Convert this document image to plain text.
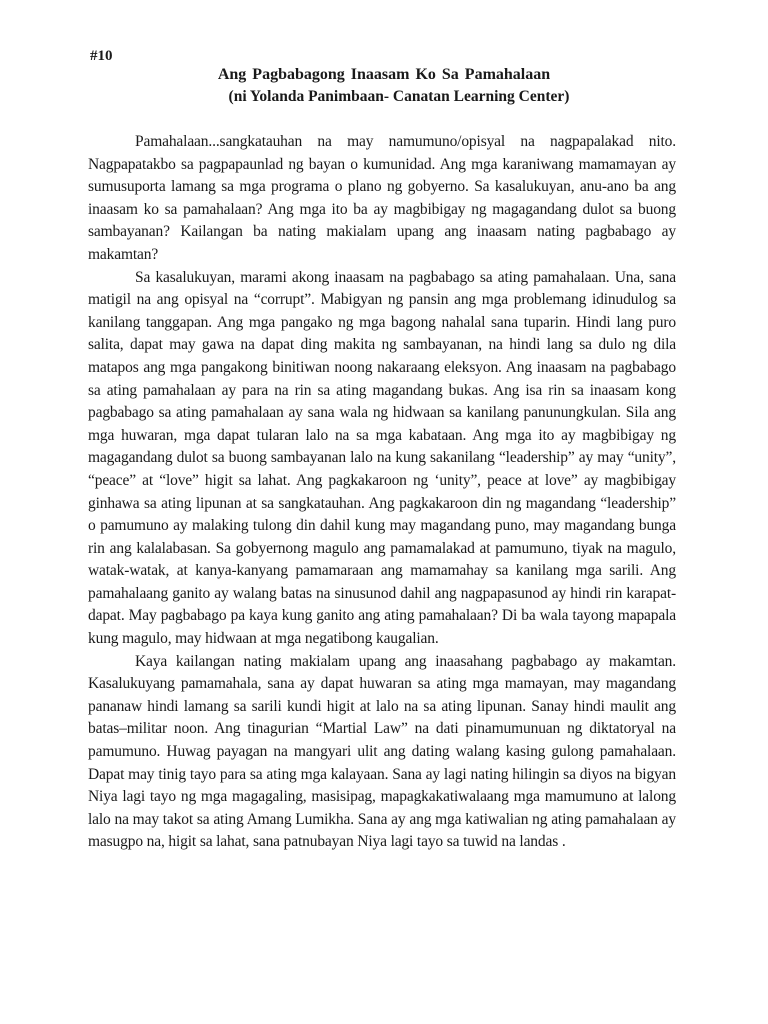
#10

Ang Pagbabagong Inaasam Ko Sa Pamahalaan

(ni Yolanda Panimbaan- Canatan Learning Center)

Pamahalaan...sangkatauhan na may namumuno/opisyal na nagpapalakad nito. Nagpapatakbo sa pagpapaunlad ng bayan o kumunidad. Ang mga karaniwang mamamayan ay sumusuporta lamang sa mga programa o plano ng gobyerno. Sa kasalukuyan, anu-ano ba ang inaasam ko sa pamahalaan? Ang mga ito ba ay magbibigay ng magagandang dulot sa buong sambayanan? Kailangan ba nating makialam upang ang inaasam nating pagbabago ay makamtan?

Sa kasalukuyan, marami akong inaasam na pagbabago sa ating pamahalaan. Una, sana matigil na ang opisyal na “corrupt”. Mabigyan ng pansin ang mga problemang idinudulog sa kanilang tanggapan. Ang mga pangako ng mga bagong nahalal sana tuparin. Hindi lang puro salita, dapat may gawa na dapat ding makita ng sambayanan, na hindi lang sa dulo ng dila matapos ang mga pangakong binitiwan noong nakaraang eleksyon. Ang inaasam na pagbabago sa ating pamahalaan ay para na rin sa ating magandang bukas. Ang isa rin sa inaasam kong pagbabago sa ating pamahalaan ay sana wala ng hidwaan sa kanilang panunungkulan. Sila ang mga huwaran, mga dapat tularan lalo na sa mga kabataan. Ang mga ito ay magbibigay ng magagandang dulot sa buong sambayanan lalo na kung sakanilang “leadership” ay may “unity”, “peace” at “love” higit sa lahat. Ang pagkakaroon ng ‘unity”, peace at love” ay magbibigay ginhawa sa ating lipunan at sa sangkatauhan. Ang pagkakaroon din ng magandang “leadership” o pamumuno ay malaking tulong din dahil kung may magandang puno, may magandang bunga rin ang kalalabasan. Sa gobyernong magulo ang pamamalakad at pamumuno, tiyak na magulo, watak-watak, at kanya-kanyang pamamaraan ang mamamahay sa kanilang mga sarili. Ang pamahalaang ganito ay walang batas na sinusunod dahil ang nagpapasunod ay hindi rin karapat-dapat. May pagbabago pa kaya kung ganito ang ating pamahalaan? Di ba wala tayong mapapala kung magulo, may hidwaan at mga negatibong kaugalian.

Kaya kailangan nating makialam upang ang inaasahang pagbabago ay makamtan. Kasalukuyang pamamahala, sana ay dapat huwaran sa ating mga mamayan, may magandang pananaw hindi lamang sa sarili kundi higit at lalo na sa ating lipunan. Sanay hindi maulit ang batas–militar noon. Ang tinagurian “Martial Law” na dati pinamumunuan ng diktatoryal na pamumuno. Huwag payagan na mangyari ulit ang dating walang kasing gulong pamahalaan. Dapat may tinig tayo para sa ating mga kalayaan. Sana ay lagi nating hilingin sa diyos na bigyan Niya lagi tayo ng mga magagaling, masisipag, mapagkakatiwalaang mga mamumuno at lalong lalo na may takot sa ating Amang Lumikha. Sana ay ang mga katiwalian ng ating pamahalaan ay masugpo na, higit sa lahat, sana patnubayan Niya lagi tayo sa tuwid na landas .
